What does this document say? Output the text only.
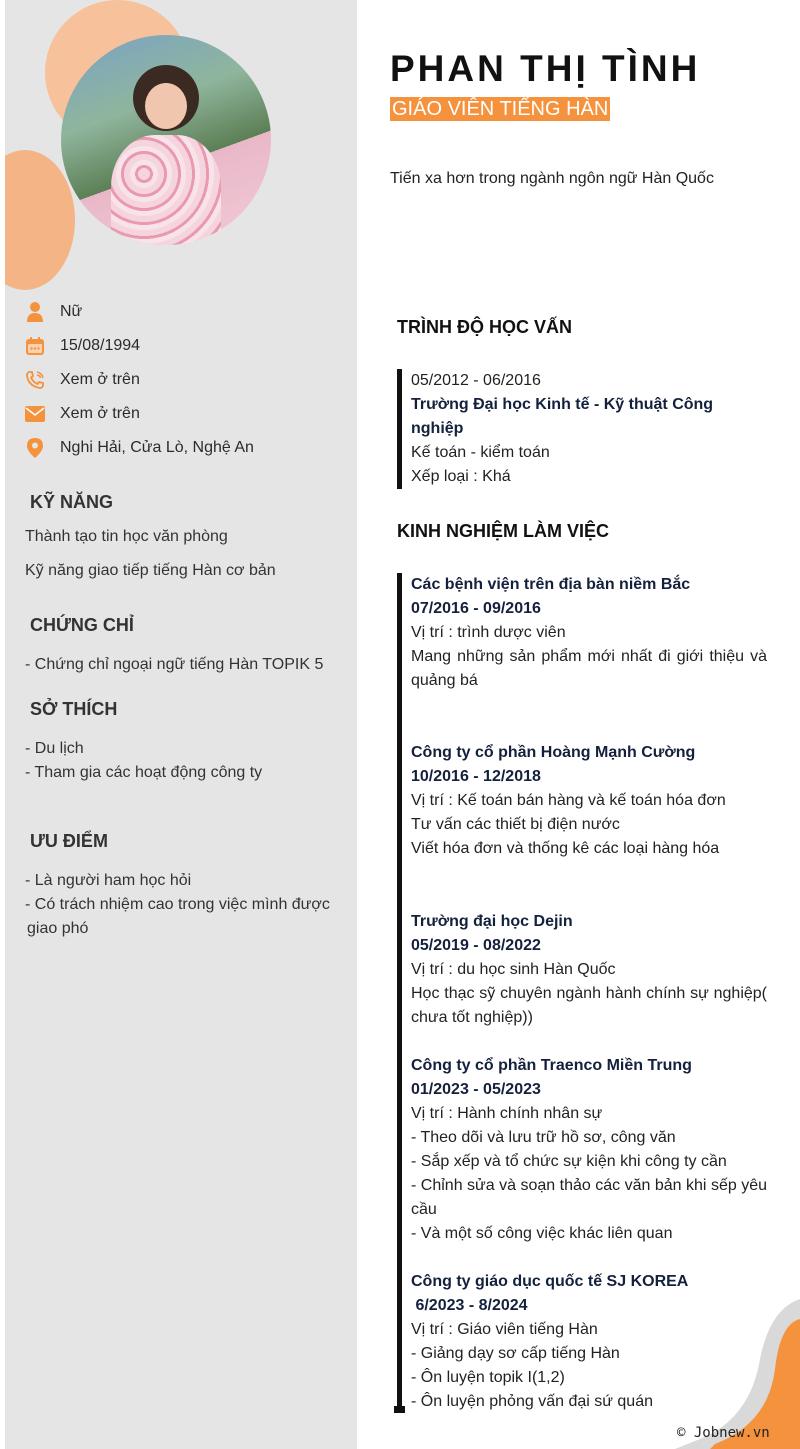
Nữ
15/08/1994
Xem ở trên
Xem ở trên
Nghi Hải, Cửa Lò, Nghệ An
KỸ NĂNG
Thành tạo tin học văn phòng
Kỹ năng giao tiếp tiếng Hàn cơ bản
CHỨNG CHỈ
- Chứng chỉ ngoại ngữ tiếng Hàn TOPIK 5
SỞ THÍCH
- Du lịch
- Tham gia các hoạt động công ty
ƯU ĐIỂM
- Là người ham học hỏi
- Có trách nhiệm cao trong việc mình được giao phó
PHAN THỊ TÌNH
GIÁO VIÊN TIẾNG HÀN
Tiến xa hơn trong ngành ngôn ngữ Hàn Quốc
TRÌNH ĐỘ HỌC VẤN
05/2012 - 06/2016
Trường Đại học Kinh tế - Kỹ thuật Công nghiệp
Kế toán - kiểm toán
Xếp loại : Khá
KINH NGHIỆM LÀM VIỆC
Các bệnh viện trên địa bàn niềm Bắc
07/2016 - 09/2016
Vị trí : trình dược viên
Mang những sản phẩm mới nhất đi giới thiệu và quảng bá
Công ty cổ phần Hoàng Mạnh Cường
10/2016 - 12/2018
Vị trí : Kế toán bán hàng và kế toán hóa đơn
Tư vấn các thiết bị điện nước
Viết hóa đơn và thống kê các loại hàng hóa
Trường đại học Dejin
05/2019 - 08/2022
Vị trí : du học sinh Hàn Quốc
Học thạc sỹ chuyên ngành hành chính sự nghiệp( chưa tốt nghiệp))
Công ty cổ phần Traenco Miền Trung
01/2023 - 05/2023
Vị trí : Hành chính nhân sự
- Theo dõi và lưu trữ hồ sơ, công văn
- Sắp xếp và tổ chức sự kiện khi công ty cần
- Chỉnh sửa và soạn thảo các văn bản khi sếp yêu cầu
- Và một số công việc khác liên quan
Công ty giáo dục quốc tế SJ KOREA
6/2023 - 8/2024
Vị trí : Giáo viên tiếng Hàn
- Giảng dạy sơ cấp tiếng Hàn
- Ôn luyện topik I(1,2)
- Ôn luyện phỏng vấn đại sứ quán
© Jobnew.vn
